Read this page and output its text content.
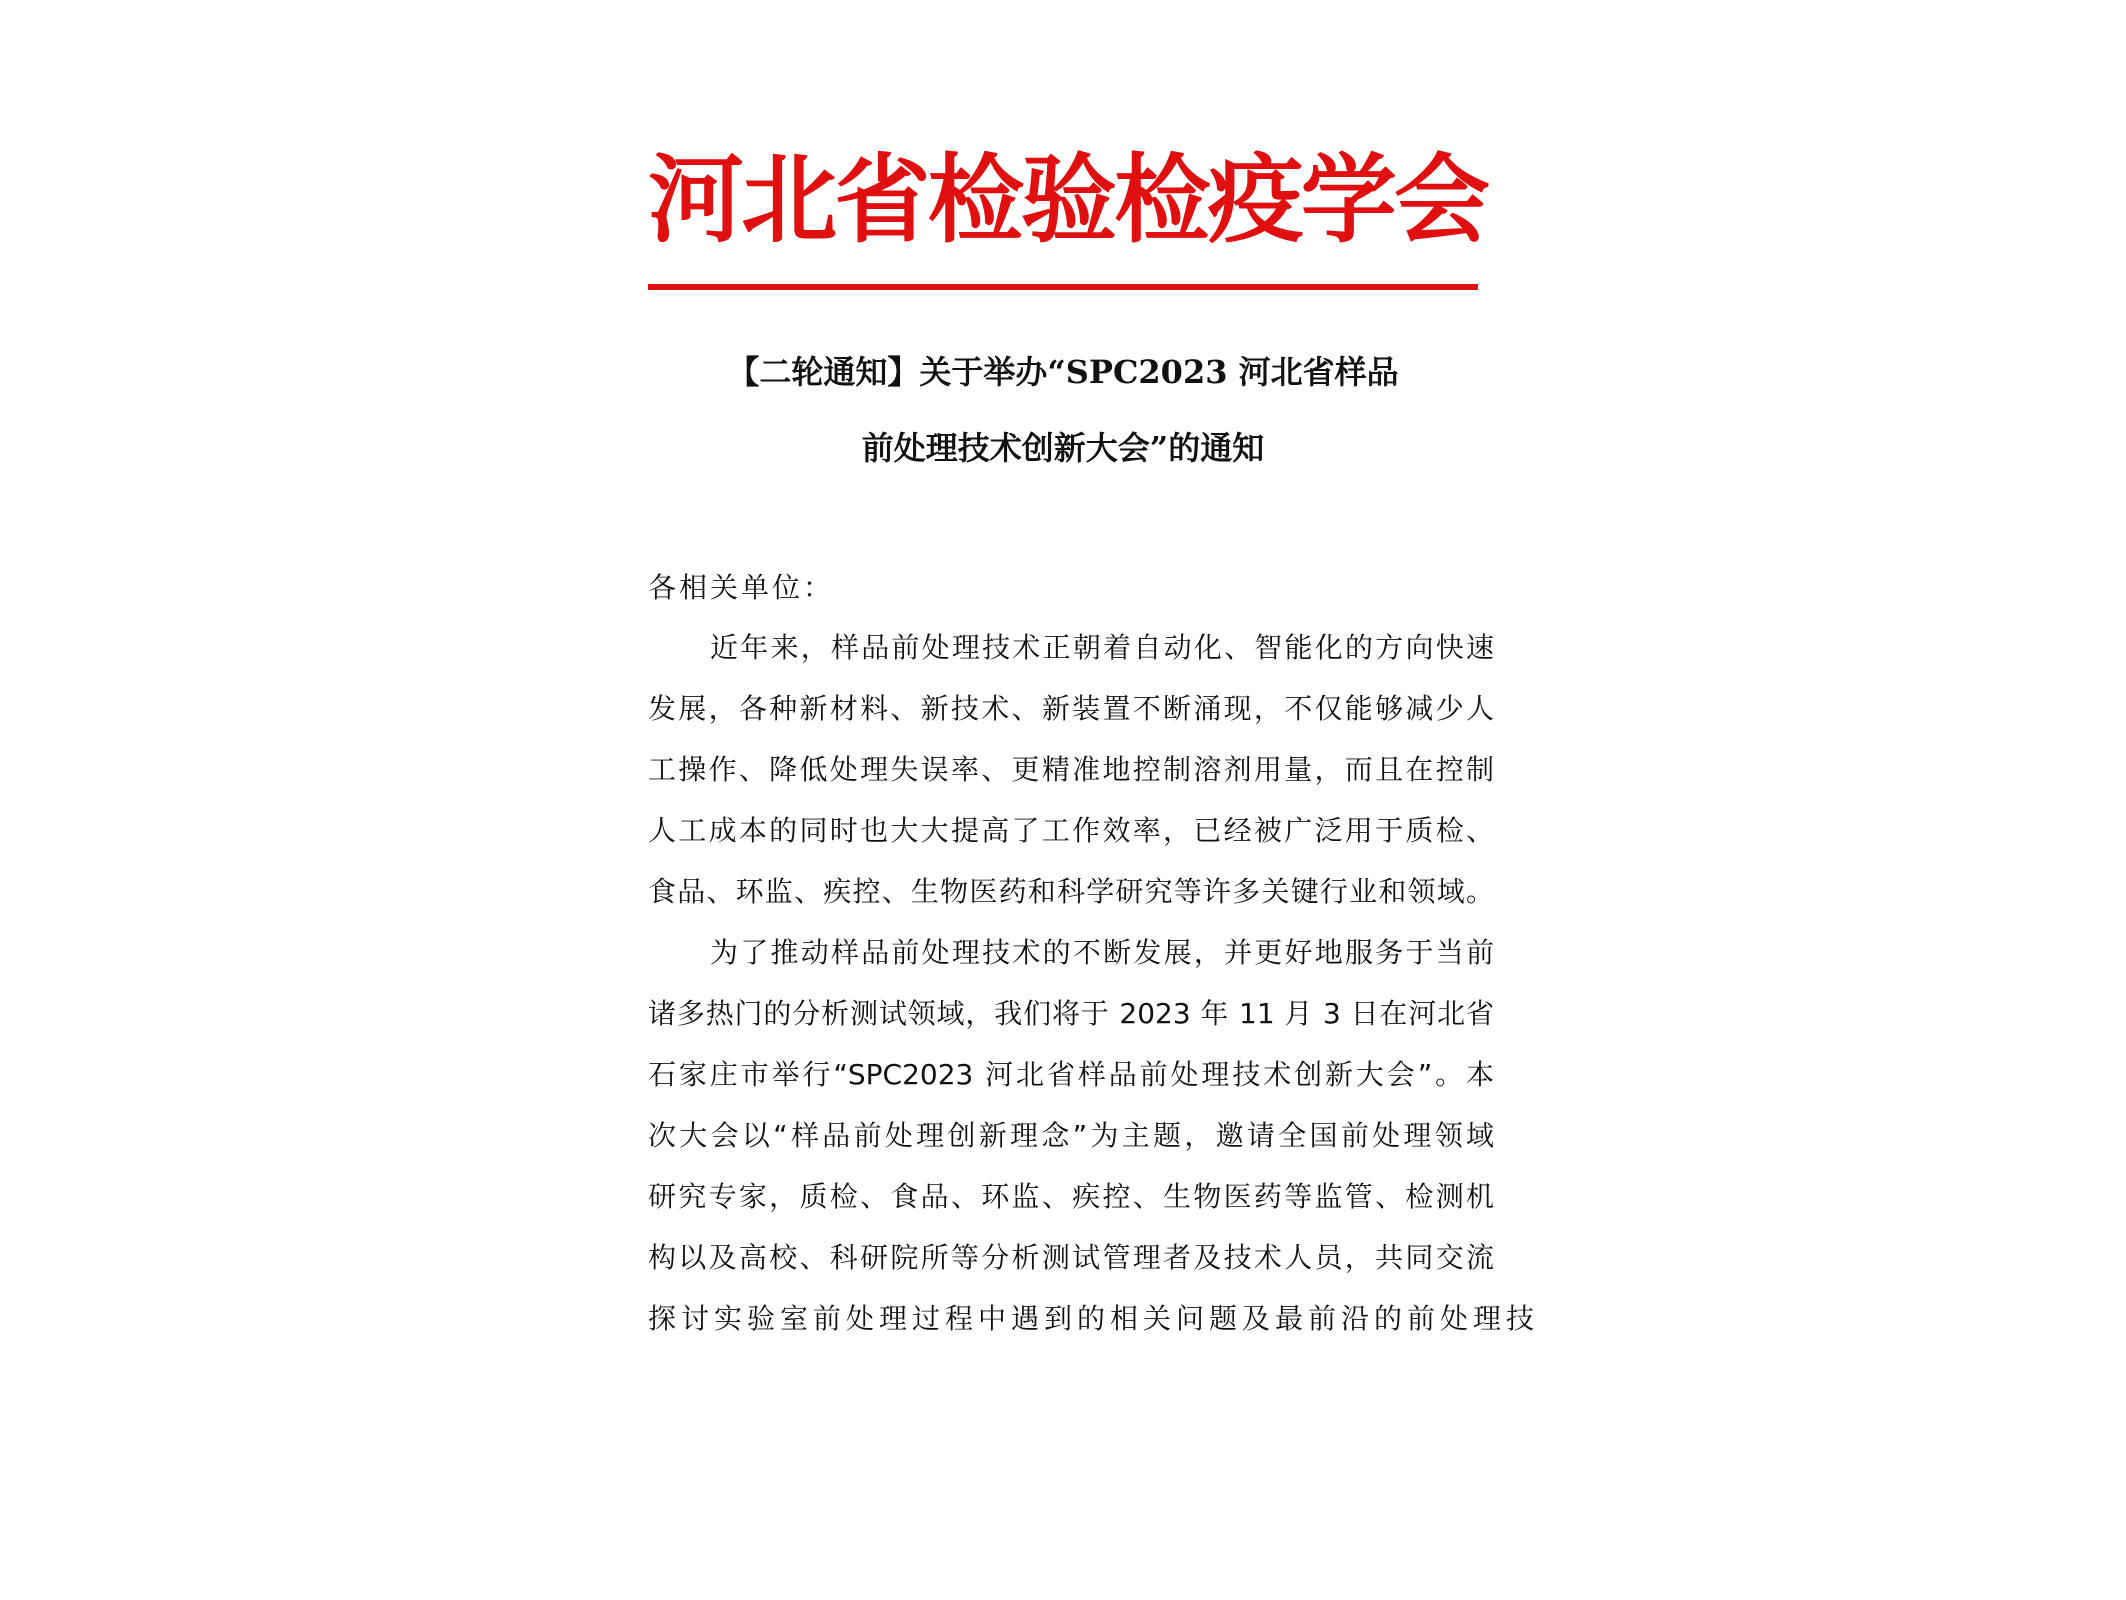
河
北
省
检
验
检
疫
学
会
【二轮通知】关于举办“SPC2023 河北省样品
前处理技术创新大会”的通知

各相关单位：

近年来，样品前处理技术正朝着自动化、智能化的方向快速

发展，各种新材料、新技术、新装置不断涌现，不仅能够减少人

工操作、降低处理失误率、更精准地控制溶剂用量，而且在控制

人工成本的同时也大大提高了工作效率，已经被广泛用于质检、

食品、环监、疾控、生物医药和科学研究等许多关键行业和领域。

为了推动样品前处理技术的不断发展，并更好地服务于当前

诸多热门的分析测试领域，我们将于 2023 年 11 月 3 日在河北省

石家庄市举行“SPC2023 河北省样品前处理技术创新大会”。本

次大会以“样品前处理创新理念”为主题，邀请全国前处理领域

研究专家，质检、食品、环监、疾控、生物医药等监管、检测机

构以及高校、科研院所等分析测试管理者及技术人员，共同交流

探讨实验室前处理过程中遇到的相关问题及最前沿的前处理技
